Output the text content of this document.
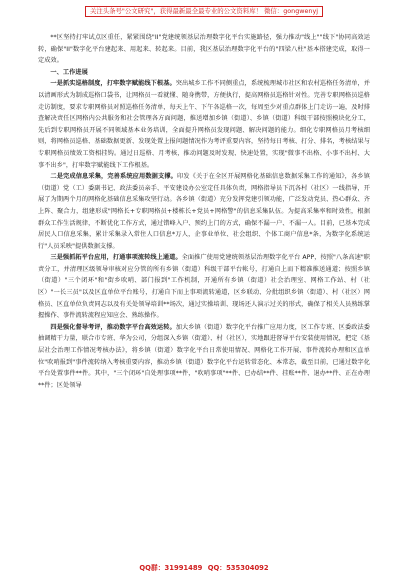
关注头条号"公文研究"，获得最新最全最专业的公文资料库！ 微信：gongwenyj

**区坚持打牢试点区重任，紧紧围绕"II"党建统领基层治理数字化平台实施路径，强力推动"线上""线下"协同高效运转，确保"II"数字化平台建起来、用起来、转起来。目前，我区基层治理数字化平台的"四梁八柱"基本搭建完成，取得一定成效。

一、工作进展

一是抓实巡格制度，打牢数字赋能线下根基。突出城乡工作不同侧重点，系统梳理城市社区和农村巡格任务清单，并以清画形式为制成巡格口袋书，让网格员一看就懂、随身携带，方便执行，提高网格员巡格针对性。完善专职网格员巡格走访制度，要求专职网格员对照巡格任务清单，每天上午、下午各巡格一次，每周至少对重点群体上门走访一遍，及时排查解决责任区网格内公共服务和社会管理各方面问题，推送增加乡镇（街道）、乡镇（街道）科级干部按照模块化分工，先后到专职网格员开展不同领域基本业务培训，全面提升网格员发现问题、解决问题的能力。细化专职网格员月考核细则，将网格员巡格、基础数据更新、发现处置上报问题情况作为考评重要内容，坚持每日考核、打分、排名，考核结果与专职网格员绩效工资相挂钩。通过日巡格、月考核，推动问题及时发现、快速处置，实现"微事不出格、小事不出村、大事不出乡"，打牢数字赋能线下工作根基。

二是完成信息采集，完善系统应用数据支撑。印发《关于在全区开展网格化基础信息数据采集工作的通知》，各乡镇（街道）党（工）委副书记、政法委员亲手、平安建设办公室定任具体负责，网格指导员下沉各村（社区）一线指导，开展了为期两个月的网格化基础信息采集攻坚行动。各乡镇（街道）充分发挥党建引领功能，广泛发动党员、热心群众、齐上阵、聚合力，组建形成"网格长+专职网格员+楼栋长+党员+网格警"的信息采集队伍。为提高采集率和时效性，根据群众工作生活规律，不断优化工作方式，通过错峰入户、预约上门的方式，确保不漏一户、不漏一人。目前，已基本完成居民人口信息采集，累计采集录入常住人口信息*万人，企事业单位、社会组织、个体工商户信息*条，为数字化系统运行"人员采映"提供数据支撑。

三是强抓拓平台应用，打通事项流转线上通道。全面推广使用党建统领基层治理数字化平台 APP，按照"八条高速"职责分工，并清理区级领导审核对应分管的所有乡镇（街道）科级干部平台帐号，打通自上而下精准推送通道；按照乡镇（街道）"三个闭环"和"街乡吹哨、部门报到"工作机制，开通所有乡镇（街道）社会治理室、网格工作站、村（社区）"一长三员"以及区直单位平台账号，打通自下而上事项流转通道，区乡联动、分批组织乡镇（街道）、村（社区）网格员、区直单位负责同志以及有关处领导培训**场次，通过实操培训、现场还人演示过关的形式，确保了相关人员熟练掌握操作、事件流转流程应知应会、熟练操作。

四是强化督导考评，推动数字平台高效运转。加大乡镇（街道）数字化平台推广应用力度，区工作专班、区委政法委抽调精干力量，联合市专班、华为公司，分组深入乡镇（街道）、村（社区），实地跟进督导平台安装使用情况，把定《基层社会治理工作情况考核办法》，将乡镇（街道）数字化平台日常使用情况、网格化工作开展、事件流转办理和区直单位"吹哨报到"事件流转纳入考核重要内容，推动乡镇（街道）数字化平台运转常态化、本常态，截至目前，已通过数字化平台处置事件**件。其中，"三个闭环"自处理事项**件，"吹哨事项"**件、已办结**件、挂账**件、退办**件、正在办理**件；区处领导

QQ群：31991489 QQ：535304092
